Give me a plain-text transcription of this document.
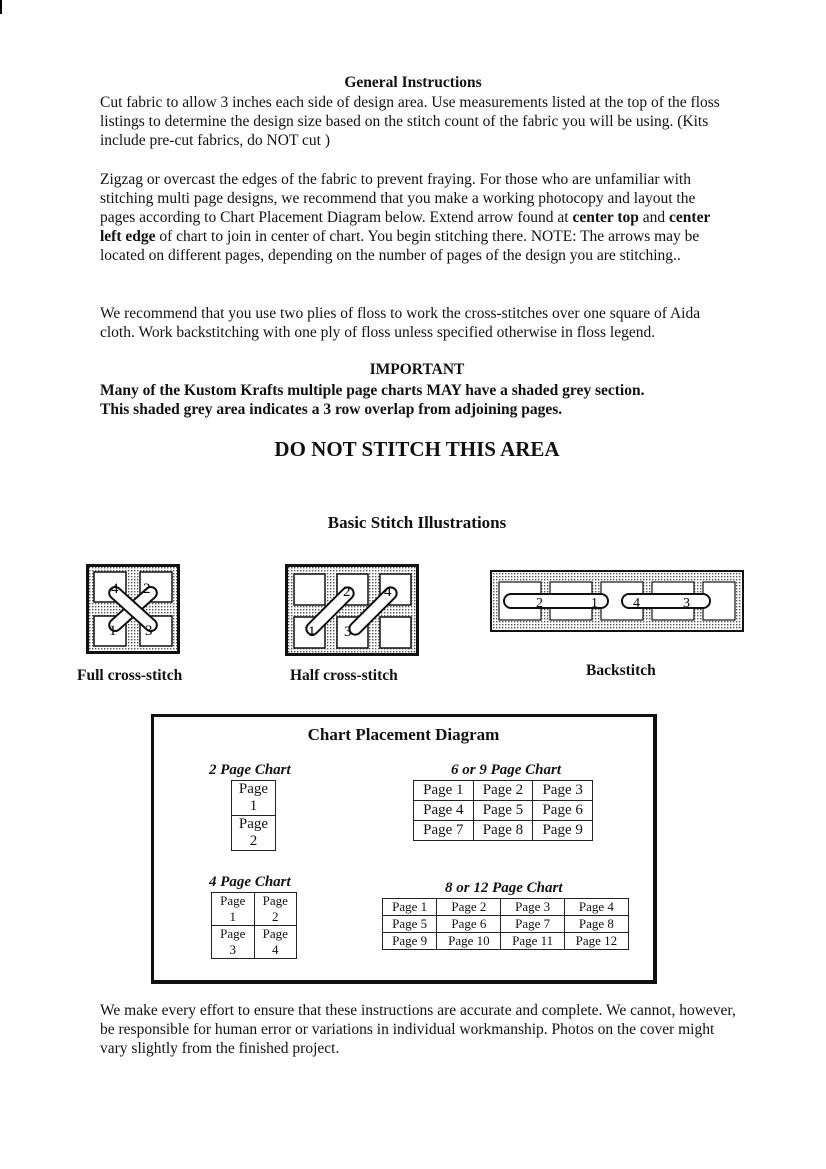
General Instructions

Cut fabric to allow 3 inches each side of design area. Use measurements listed at the top of the floss listings to determine the design size based on the stitch count of the fabric you will be using. (Kits include pre-cut fabrics, do NOT cut )

Zigzag or overcast the edges of the fabric to prevent fraying. For those who are unfamiliar with stitching multi page designs, we recommend that you make a working photocopy and layout the pages according to Chart Placement Diagram below. Extend arrow found at center top and center left edge of chart to join in center of chart. You begin stitching there. NOTE: The arrows may be located on different pages, depending on the number of pages of the design you are stitching..

We recommend that you use two plies of floss to work the cross-stitches over one square of Aida cloth. Work backstitching with one ply of floss unless specified otherwise in floss legend.

IMPORTANT

Many of the Kustom Krafts multiple page charts MAY have a shaded grey section.

This shaded grey area indicates a 3 row overlap from adjoining pages.

DO NOT STITCH THIS AREA

Basic Stitch Illustrations

4 2
1 3
Full cross-stitch
2 4
1 3
Half cross-stitch
2	1	4	3
Backstitch
Chart Placement Diagram

2 Page Chart

Page
1
Page
2

6 or 9 Page Chart

Page 1	Page 2	Page 3
Page 4	Page 5	Page 6
Page 7	Page 8	Page 9

4 Page Chart

Page
1	Page
2
Page
3	Page
4

8 or 12 Page Chart

Page 1	Page 2	Page 3	Page 4
Page 5	Page 6	Page 7	Page 8
Page 9	Page 10	Page 11	Page 12

We make every effort to ensure that these instructions are accurate and complete. We cannot, however, be responsible for human error or variations in individual workmanship. Photos on the cover might vary slightly from the finished project.
